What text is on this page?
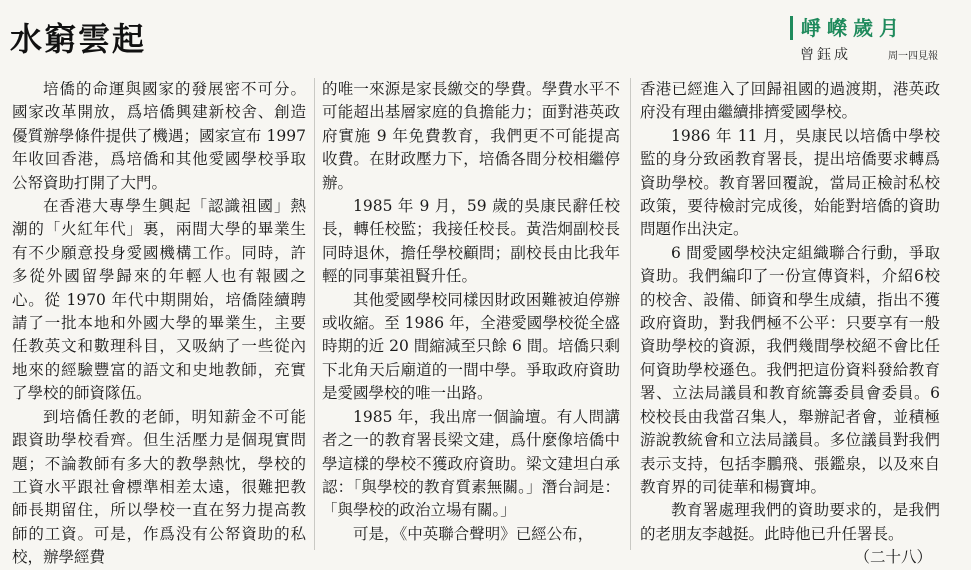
水窮雲起	崢嶸歲月
曾鈺成	周一四見報

培僑的命運與國家的發展密不可分。國家改革開放，爲培僑興建新校舍、創造優質辦學條件提供了機遇；國家宣布 1997 年收回香港，爲培僑和其他愛國學校爭取公帑資助打開了大門。

在香港大專學生興起「認識祖國」熱潮的「火紅年代」裏，兩間大學的畢業生有不少願意投身愛國機構工作。同時，許多從外國留學歸來的年輕人也有報國之心。從 1970 年代中期開始，培僑陸續聘請了一批本地和外國大學的畢業生，主要任教英文和數理科目，又吸納了一些從內地來的經驗豐富的語文和史地教師，充實了學校的師資隊伍。

到培僑任教的老師，明知薪金不可能跟資助學校看齊。但生活壓力是個現實問題；不論教師有多大的教學熱忱，學校的工資水平跟社會標準相差太遠，很難把教師長期留住，所以學校一直在努力提高教師的工資。可是，作爲没有公帑資助的私校，辦學經費

的唯一來源是家長繳交的學費。學費水平不可能超出基層家庭的負擔能力；面對港英政府實施 9 年免費教育，我們更不可能提高收費。在財政壓力下，培僑各間分校相繼停辦。

1985 年 9 月，59 歲的吳康民辭任校長，轉任校監；我接任校長。黃浩炯副校長同時退休，擔任學校顧問；副校長由比我年輕的同事葉祖賢升任。

其他愛國學校同樣因財政困難被迫停辦或收縮。至 1986 年，全港愛國學校從全盛時期的近 20 間縮減至只餘 6 間。培僑只剩下北角天后廟道的一間中學。爭取政府資助是愛國學校的唯一出路。

1985 年，我出席一個論壇。有人問講者之一的教育署長梁文建，爲什麼像培僑中學這樣的學校不獲政府資助。梁文建坦白承認：「與學校的教育質素無關。」潛台詞是：「與學校的政治立場有關。」

可是，《中英聯合聲明》已經公布，

香港已經進入了回歸祖國的過渡期，港英政府没有理由繼續排擠愛國學校。

1986 年 11 月，吳康民以培僑中學校監的身分致函教育署長，提出培僑要求轉爲資助學校。教育署回覆說，當局正檢討私校政策，要待檢討完成後，始能對培僑的資助問題作出決定。

6 間愛國學校決定組織聯合行動，爭取資助。我們編印了一份宣傳資料，介紹6校的校舍、設備、師資和學生成績，指出不獲政府資助，對我們極不公平：只要享有一般資助學校的資源，我們幾間學校絕不會比任何資助學校遜色。我們把這份資料發給教育署、立法局議員和教育統籌委員會委員。6 校校長由我當召集人，舉辦記者會，並積極游說教統會和立法局議員。多位議員對我們表示支持，包括李鵬飛、張鑑泉，以及來自教育界的司徒華和楊寶坤。

教育署處理我們的資助要求的，是我們的老朋友李越挺。此時他已升任署長。

（二十八）
